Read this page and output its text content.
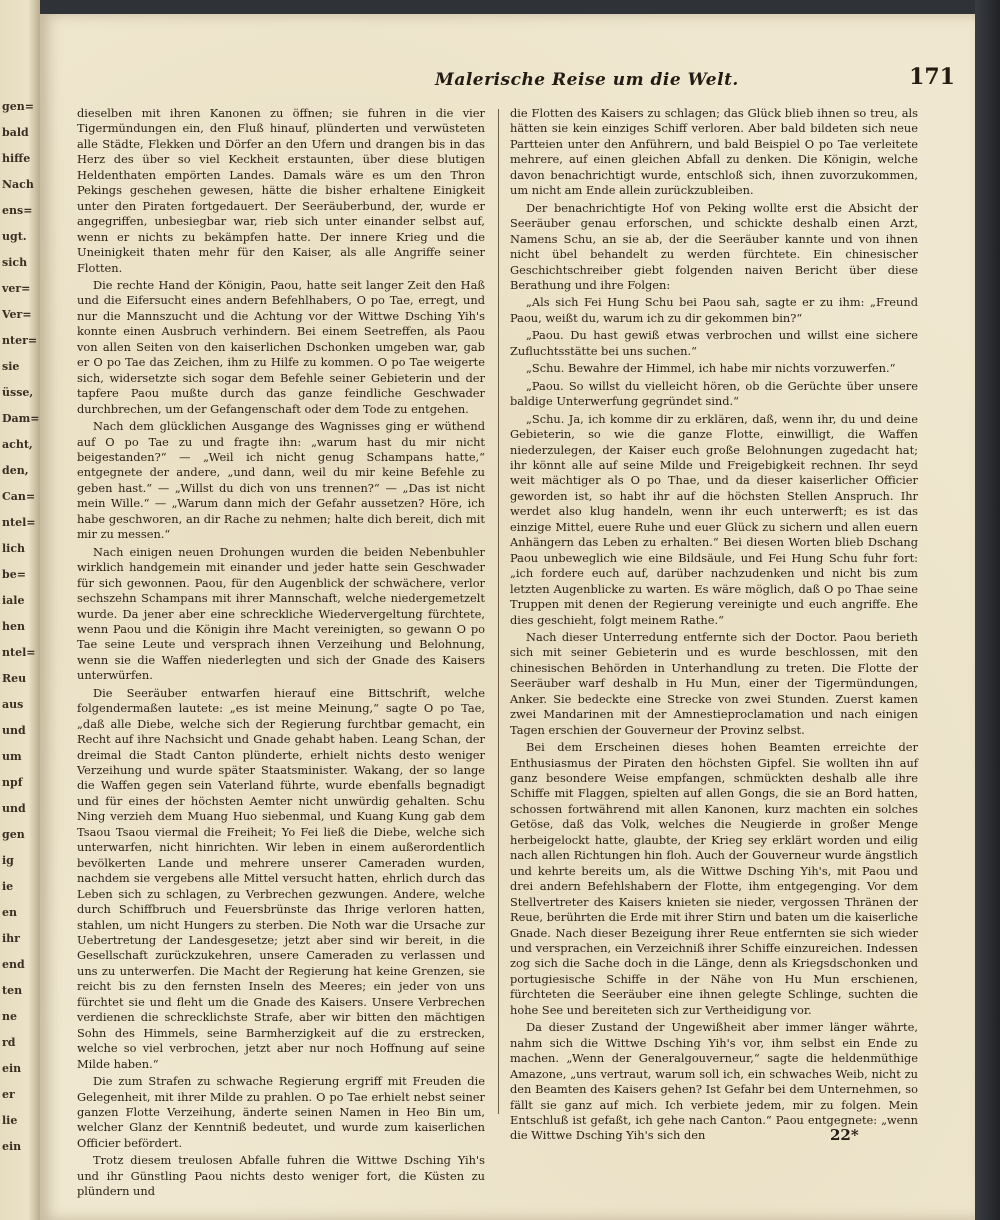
gen=
bald
hiffe
Nach
ens=
ugt.
sich
ver=
Ver=
nter=
sie
üsse,
Dam=
acht,
den,
Can=
ntel=
lich
be=
iale
hen
ntel=
Reu
aus
und
um
npf
und
gen
ig
ie
en
ihr
end
ten
ne
rd
ein
er
lie
ein
Malerische Reise um die Welt.	171

dieselben mit ihren Kanonen zu öffnen; sie fuhren in die vier Tigermündungen ein, den Fluß hinauf, plünderten und verwüsteten alle Städte, Flekken und Dörfer an den Ufern und drangen bis in das Herz des über so viel Keckheit erstaunten, über diese blutigen Heldenthaten empörten Landes. Damals wäre es um den Thron Pekings geschehen gewesen, hätte die bisher erhaltene Einigkeit unter den Piraten fortgedauert. Der Seeräuberbund, der, wurde er angegriffen, unbesiegbar war, rieb sich unter einander selbst auf, wenn er nichts zu bekämpfen hatte. Der innere Krieg und die Uneinigkeit thaten mehr für den Kaiser, als alle Angriffe seiner Flotten.

Die rechte Hand der Königin, Paou, hatte seit langer Zeit den Haß und die Eifersucht eines andern Befehlhabers, O po Tae, erregt, und nur die Mannszucht und die Achtung vor der Wittwe Dsching Yih's konnte einen Ausbruch verhindern. Bei einem Seetreffen, als Paou von allen Seiten von den kaiserlichen Dschonken umgeben war, gab er O po Tae das Zeichen, ihm zu Hilfe zu kommen. O po Tae weigerte sich, widersetzte sich sogar dem Befehle seiner Gebieterin und der tapfere Paou mußte durch das ganze feindliche Geschwader durchbrechen, um der Gefangenschaft oder dem Tode zu entgehen.

Nach dem glücklichen Ausgange des Wagnisses ging er wüthend auf O po Tae zu und fragte ihn: „warum hast du mir nicht beigestanden?“ — „Weil ich nicht genug Schampans hatte,“ entgegnete der andere, „und dann, weil du mir keine Befehle zu geben hast.“ — „Willst du dich von uns trennen?“ — „Das ist nicht mein Wille.“ — „Warum dann mich der Gefahr aussetzen? Höre, ich habe geschworen, an dir Rache zu nehmen; halte dich bereit, dich mit mir zu messen.“

Nach einigen neuen Drohungen wurden die beiden Nebenbuhler wirklich handgemein mit einander und jeder hatte sein Geschwader für sich gewonnen. Paou, für den Augenblick der schwächere, verlor sechszehn Schampans mit ihrer Mannschaft, welche niedergemetzelt wurde. Da jener aber eine schreckliche Wiedervergeltung fürchtete, wenn Paou und die Königin ihre Macht vereinigten, so gewann O po Tae seine Leute und versprach ihnen Verzeihung und Belohnung, wenn sie die Waffen niederlegten und sich der Gnade des Kaisers unterwürfen.

Die Seeräuber entwarfen hierauf eine Bittschrift, welche folgendermaßen lautete: „es ist meine Meinung,“ sagte O po Tae, „daß alle Diebe, welche sich der Regierung furchtbar gemacht, ein Recht auf ihre Nachsicht und Gnade gehabt haben. Leang Schan, der dreimal die Stadt Canton plünderte, erhielt nichts desto weniger Verzeihung und wurde später Staatsminister. Wakang, der so lange die Waffen gegen sein Vaterland führte, wurde ebenfalls begnadigt und für eines der höchsten Aemter nicht unwürdig gehalten. Schu Ning verzieh dem Muang Huo siebenmal, und Kuang Kung gab dem Tsaou Tsaou viermal die Freiheit; Yo Fei ließ die Diebe, welche sich unterwarfen, nicht hinrichten. Wir leben in einem außerordentlich bevölkerten Lande und mehrere unserer Cameraden wurden, nachdem sie vergebens alle Mittel versucht hatten, ehrlich durch das Leben sich zu schlagen, zu Verbrechen gezwungen. Andere, welche durch Schiffbruch und Feuersbrünste das Ihrige verloren hatten, stahlen, um nicht Hungers zu sterben. Die Noth war die Ursache zur Uebertretung der Landesgesetze; jetzt aber sind wir bereit, in die Gesellschaft zurückzukehren, unsere Cameraden zu verlassen und uns zu unterwerfen. Die Macht der Regierung hat keine Grenzen, sie reicht bis zu den fernsten Inseln des Meeres; ein jeder von uns fürchtet sie und fleht um die Gnade des Kaisers. Unsere Verbrechen verdienen die schrecklichste Strafe, aber wir bitten den mächtigen Sohn des Himmels, seine Barmherzigkeit auf die zu erstrecken, welche so viel verbrochen, jetzt aber nur noch Hoffnung auf seine Milde haben.“

Die zum Strafen zu schwache Regierung ergriff mit Freuden die Gelegenheit, mit ihrer Milde zu prahlen. O po Tae erhielt nebst seiner ganzen Flotte Verzeihung, änderte seinen Namen in Heo Bin um, welcher Glanz der Kenntniß bedeutet, und wurde zum kaiserlichen Officier befördert.

Trotz diesem treulosen Abfalle fuhren die Wittwe Dsching Yih's und ihr Günstling Paou nichts desto weniger fort, die Küsten zu plündern und

die Flotten des Kaisers zu schlagen; das Glück blieb ihnen so treu, als hätten sie kein einziges Schiff verloren. Aber bald bildeten sich neue Partteien unter den Anführern, und bald Beispiel O po Tae verleitete mehrere, auf einen gleichen Abfall zu denken. Die Königin, welche davon benachrichtigt wurde, entschloß sich, ihnen zuvorzukommen, um nicht am Ende allein zurückzubleiben.

Der benachrichtigte Hof von Peking wollte erst die Absicht der Seeräuber genau erforschen, und schickte deshalb einen Arzt, Namens Schu, an sie ab, der die Seeräuber kannte und von ihnen nicht übel behandelt zu werden fürchtete. Ein chinesischer Geschichtschreiber giebt folgenden naiven Bericht über diese Berathung und ihre Folgen:

„Als sich Fei Hung Schu bei Paou sah, sagte er zu ihm: „Freund Paou, weißt du, warum ich zu dir gekommen bin?“

„Paou. Du hast gewiß etwas verbrochen und willst eine sichere Zufluchtsstätte bei uns suchen.“

„Schu. Bewahre der Himmel, ich habe mir nichts vorzuwerfen.“

„Paou. So willst du vielleicht hören, ob die Gerüchte über unsere baldige Unterwerfung gegründet sind.“

„Schu. Ja, ich komme dir zu erklären, daß, wenn ihr, du und deine Gebieterin, so wie die ganze Flotte, einwilligt, die Waffen niederzulegen, der Kaiser euch große Belohnungen zugedacht hat; ihr könnt alle auf seine Milde und Freigebigkeit rechnen. Ihr seyd weit mächtiger als O po Thae, und da dieser kaiserlicher Officier geworden ist, so habt ihr auf die höchsten Stellen Anspruch. Ihr werdet also klug handeln, wenn ihr euch unterwerft; es ist das einzige Mittel, euere Ruhe und euer Glück zu sichern und allen euern Anhängern das Leben zu erhalten.“ Bei diesen Worten blieb Dschang Paou unbeweglich wie eine Bildsäule, und Fei Hung Schu fuhr fort: „ich fordere euch auf, darüber nachzudenken und nicht bis zum letzten Augenblicke zu warten. Es wäre möglich, daß O po Thae seine Truppen mit denen der Regierung vereinigte und euch angriffe. Ehe dies geschieht, folgt meinem Rathe.“

Nach dieser Unterredung entfernte sich der Doctor. Paou berieth sich mit seiner Gebieterin und es wurde beschlossen, mit den chinesischen Behörden in Unterhandlung zu treten. Die Flotte der Seeräuber warf deshalb in Hu Mun, einer der Tigermündungen, Anker. Sie bedeckte eine Strecke von zwei Stunden. Zuerst kamen zwei Mandarinen mit der Amnestieproclamation und nach einigen Tagen erschien der Gouverneur der Provinz selbst.

Bei dem Erscheinen dieses hohen Beamten erreichte der Enthusiasmus der Piraten den höchsten Gipfel. Sie wollten ihn auf ganz besondere Weise empfangen, schmückten deshalb alle ihre Schiffe mit Flaggen, spielten auf allen Gongs, die sie an Bord hatten, schossen fortwährend mit allen Kanonen, kurz machten ein solches Getöse, daß das Volk, welches die Neugierde in großer Menge herbeigelockt hatte, glaubte, der Krieg sey erklärt worden und eilig nach allen Richtungen hin floh. Auch der Gouverneur wurde ängstlich und kehrte bereits um, als die Wittwe Dsching Yih's, mit Paou und drei andern Befehlshabern der Flotte, ihm entgegenging. Vor dem Stellvertreter des Kaisers knieten sie nieder, vergossen Thränen der Reue, berührten die Erde mit ihrer Stirn und baten um die kaiserliche Gnade. Nach dieser Bezeigung ihrer Reue entfernten sie sich wieder und versprachen, ein Verzeichniß ihrer Schiffe einzureichen. Indessen zog sich die Sache doch in die Länge, denn als Kriegsdschonken und portugiesische Schiffe in der Nähe von Hu Mun erschienen, fürchteten die Seeräuber eine ihnen gelegte Schlinge, suchten die hohe See und bereiteten sich zur Vertheidigung vor.

Da dieser Zustand der Ungewißheit aber immer länger währte, nahm sich die Wittwe Dsching Yih's vor, ihm selbst ein Ende zu machen. „Wenn der Generalgouverneur,“ sagte die heldenmüthige Amazone, „uns vertraut, warum soll ich, ein schwaches Weib, nicht zu den Beamten des Kaisers gehen? Ist Gefahr bei dem Unternehmen, so fällt sie ganz auf mich. Ich verbiete jedem, mir zu folgen. Mein Entschluß ist gefaßt, ich gehe nach Canton.“ Paou entgegnete: „wenn die Wittwe Dsching Yih's sich den	22*
